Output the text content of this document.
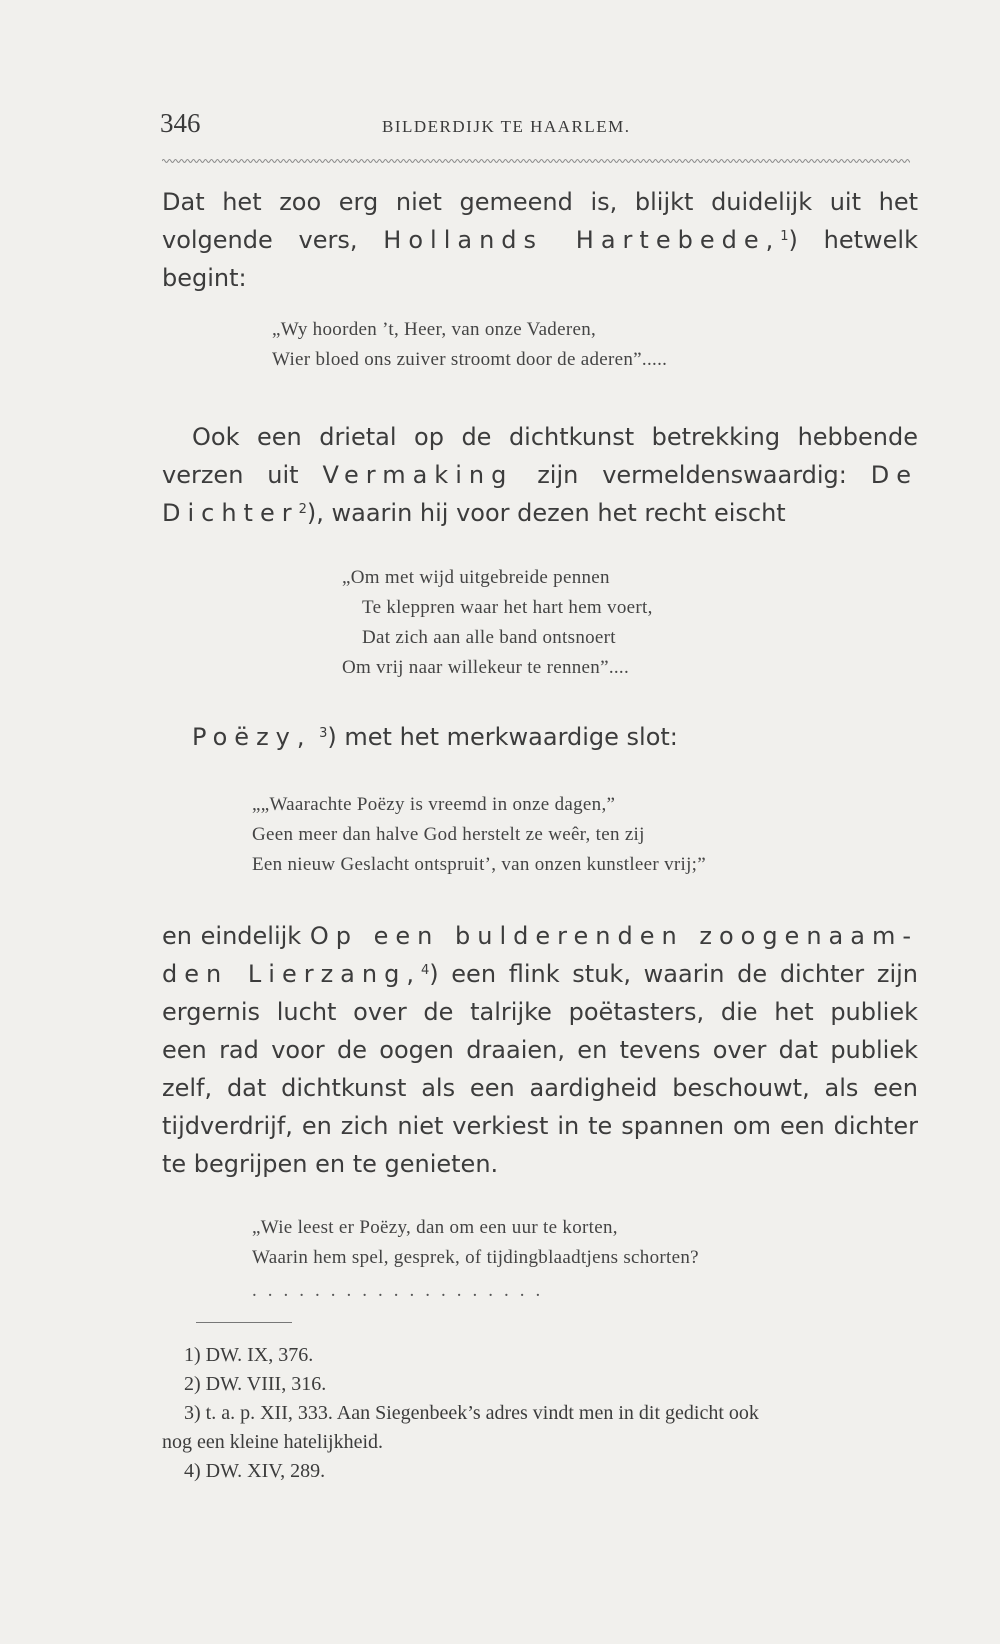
346	BILDERDIJK TE HAARLEM.
Dat het zoo erg niet gemeend is, blijkt duidelijk uit het
volgende vers, Hollands Hartebede,$^1$) hetwelk
begint:
„Wy hoorden ’t, Heer, van onze Vaderen,
Wier bloed ons zuiver stroomt door de aderen”.....
Ook een drietal op de dichtkunst betrekking hebbende
verzen uit Vermaking zijn vermeldenswaardig: De
Dichter$^2$), waarin hij voor dezen het recht eischt
„Om met wijd uitgebreide pennen
Te kleppren waar het hart hem voert,
Dat zich aan alle band ontsnoert
Om vrij naar willekeur te rennen”....
Poëzy, $^3$) met het merkwaardige slot:
„„Waarachte Poëzy is vreemd in onze dagen,”
Geen meer dan halve God herstelt ze weêr, ten zij
Een nieuw Geslacht ontspruit’, van onzen kunstleer vrij;”
en eindelijk Op een bulderenden zoogenaam-
den Lierzang,$^4$) een flink stuk, waarin de dichter zijn
ergernis lucht over de talrijke poëtasters, die het publiek
een rad voor de oogen draaien, en tevens over dat publiek
zelf, dat dichtkunst als een aardigheid beschouwt, als een
tijdverdrijf, en zich niet verkiest in te spannen om een dichter
te begrijpen en te genieten.
„Wie leest er Poëzy, dan om een uur te korten,
Waarin hem spel, gesprek, of tijdingblaadtjens schorten?
...................
1) DW. IX, 376.
2) DW. VIII, 316.
3) t. a. p. XII, 333. Aan Siegenbeek’s adres vindt men in dit gedicht ook
nog een kleine hatelijkheid.
4) DW. XIV, 289.
